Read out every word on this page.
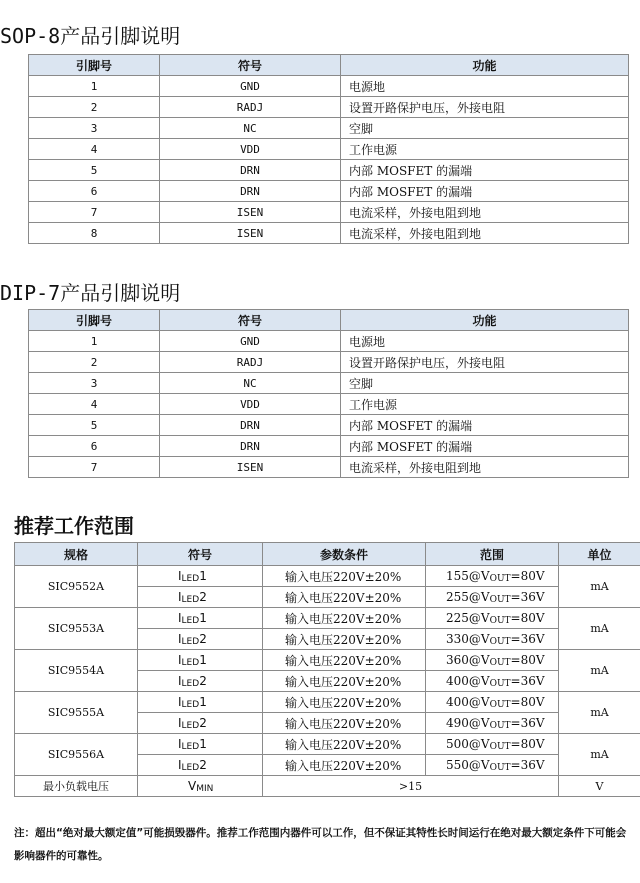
SOP-8产品引脚说明
引脚号	符号	功能
1	GND	电源地
2	RADJ	设置开路保护电压，外接电阻
3	NC	空脚
4	VDD	工作电源
5	DRN	内部 MOSFET 的漏端
6	DRN	内部 MOSFET 的漏端
7	ISEN	电流采样，外接电阻到地
8	ISEN	电流采样，外接电阻到地
DIP-7产品引脚说明
引脚号	符号	功能
1	GND	电源地
2	RADJ	设置开路保护电压，外接电阻
3	NC	空脚
4	VDD	工作电源
5	DRN	内部 MOSFET 的漏端
6	DRN	内部 MOSFET 的漏端
7	ISEN	电流采样，外接电阻到地
推荐工作范围
规格	符号	参数条件	范围	单位
SIC9552A	$I_{LED}1$	输入电压220V±20%	$155@V_{OUT}=80V$	mA
	$I_{LED}2$	输入电压220V±20%	$255@V_{OUT}=36V$	
SIC9553A	$I_{LED}1$	输入电压220V±20%	$225@V_{OUT}=80V$	mA
	$I_{LED}2$	输入电压220V±20%	$330@V_{OUT}=36V$	
SIC9554A	$I_{LED}1$	输入电压220V±20%	$360@V_{OUT}=80V$	mA
	$I_{LED}2$	输入电压220V±20%	$400@V_{OUT}=36V$	
SIC9555A	$I_{LED}1$	输入电压220V±20%	$400@V_{OUT}=80V$	mA
	$I_{LED}2$	输入电压220V±20%	$490@V_{OUT}=36V$	
SIC9556A	$I_{LED}1$	输入电压220V±20%	$500@V_{OUT}=80V$	mA
	$I_{LED}2$	输入电压220V±20%	$550@V_{OUT}=36V$	
最小负载电压	$V_{MIN}$	>15		V
注：超出“绝对最大额定值”可能损毁器件。推荐工作范围内器件可以工作，但不保证其特性长时间运行在绝对最大额定条件下可能会影响器件的可靠性。
